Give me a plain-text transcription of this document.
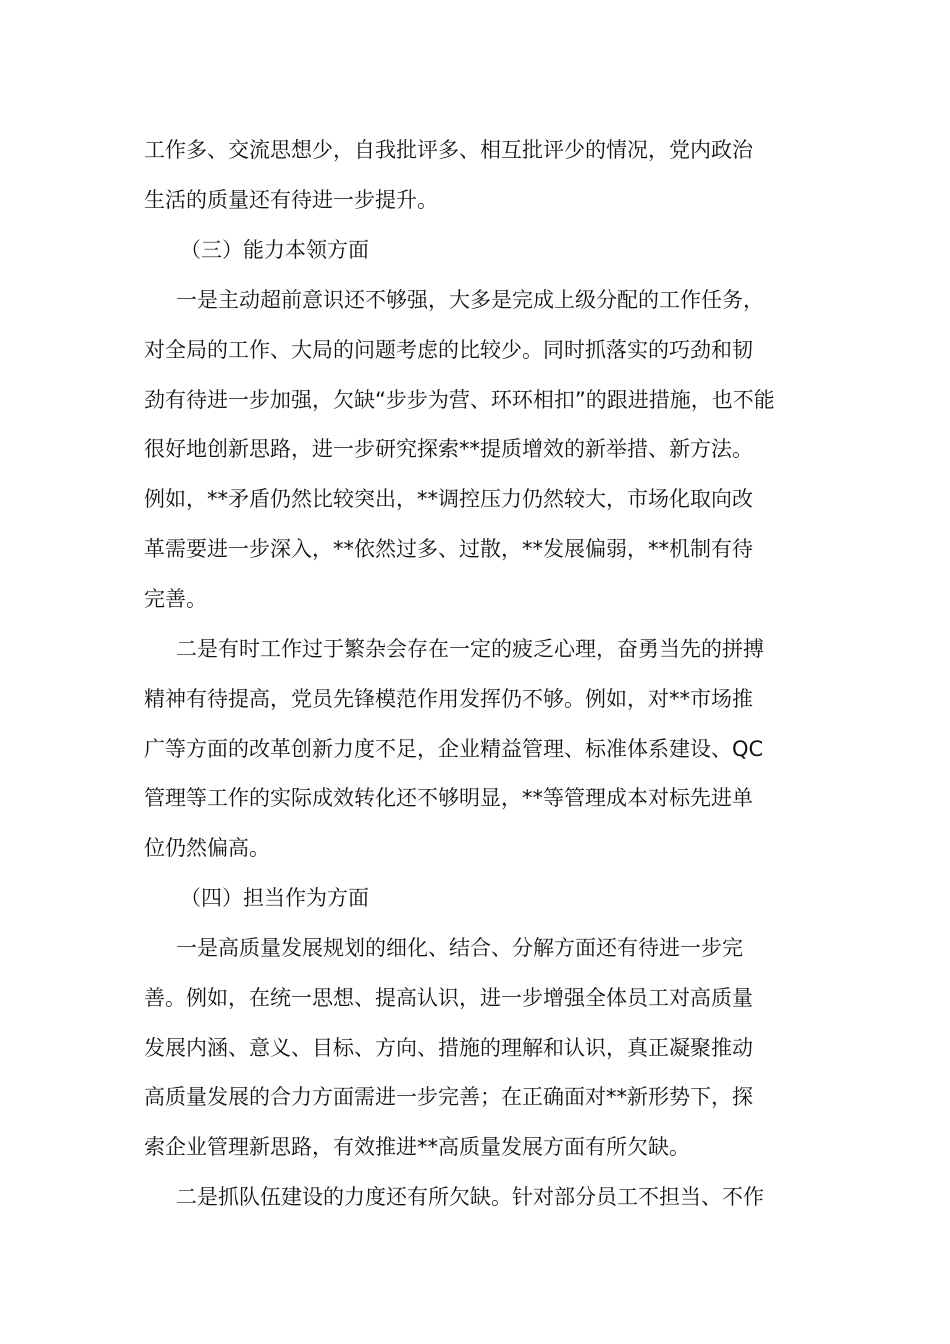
工作多、交流思想少，自我批评多、相互批评少的情况，党内政治
生活的质量还有待进一步提升。
（三）能力本领方面
一是主动超前意识还不够强，大多是完成上级分配的工作任务，
对全局的工作、大局的问题考虑的比较少。同时抓落实的巧劲和韧
劲有待进一步加强，欠缺“步步为营、环环相扣”的跟进措施，也不能
很好地创新思路，进一步研究探索**提质增效的新举措、新方法。
例如，**矛盾仍然比较突出，**调控压力仍然较大，市场化取向改
革需要进一步深入，**依然过多、过散，**发展偏弱，**机制有待
完善。
二是有时工作过于繁杂会存在一定的疲乏心理，奋勇当先的拼搏
精神有待提高，党员先锋模范作用发挥仍不够。例如，对**市场推
广等方面的改革创新力度不足，企业精益管理、标准体系建设、QC
管理等工作的实际成效转化还不够明显，**等管理成本对标先进单
位仍然偏高。
（四）担当作为方面
一是高质量发展规划的细化、结合、分解方面还有待进一步完
善。例如，在统一思想、提高认识，进一步增强全体员工对高质量
发展内涵、意义、目标、方向、措施的理解和认识，真正凝聚推动
高质量发展的合力方面需进一步完善；在正确面对**新形势下，探
索企业管理新思路，有效推进**高质量发展方面有所欠缺。
二是抓队伍建设的力度还有所欠缺。针对部分员工不担当、不作
